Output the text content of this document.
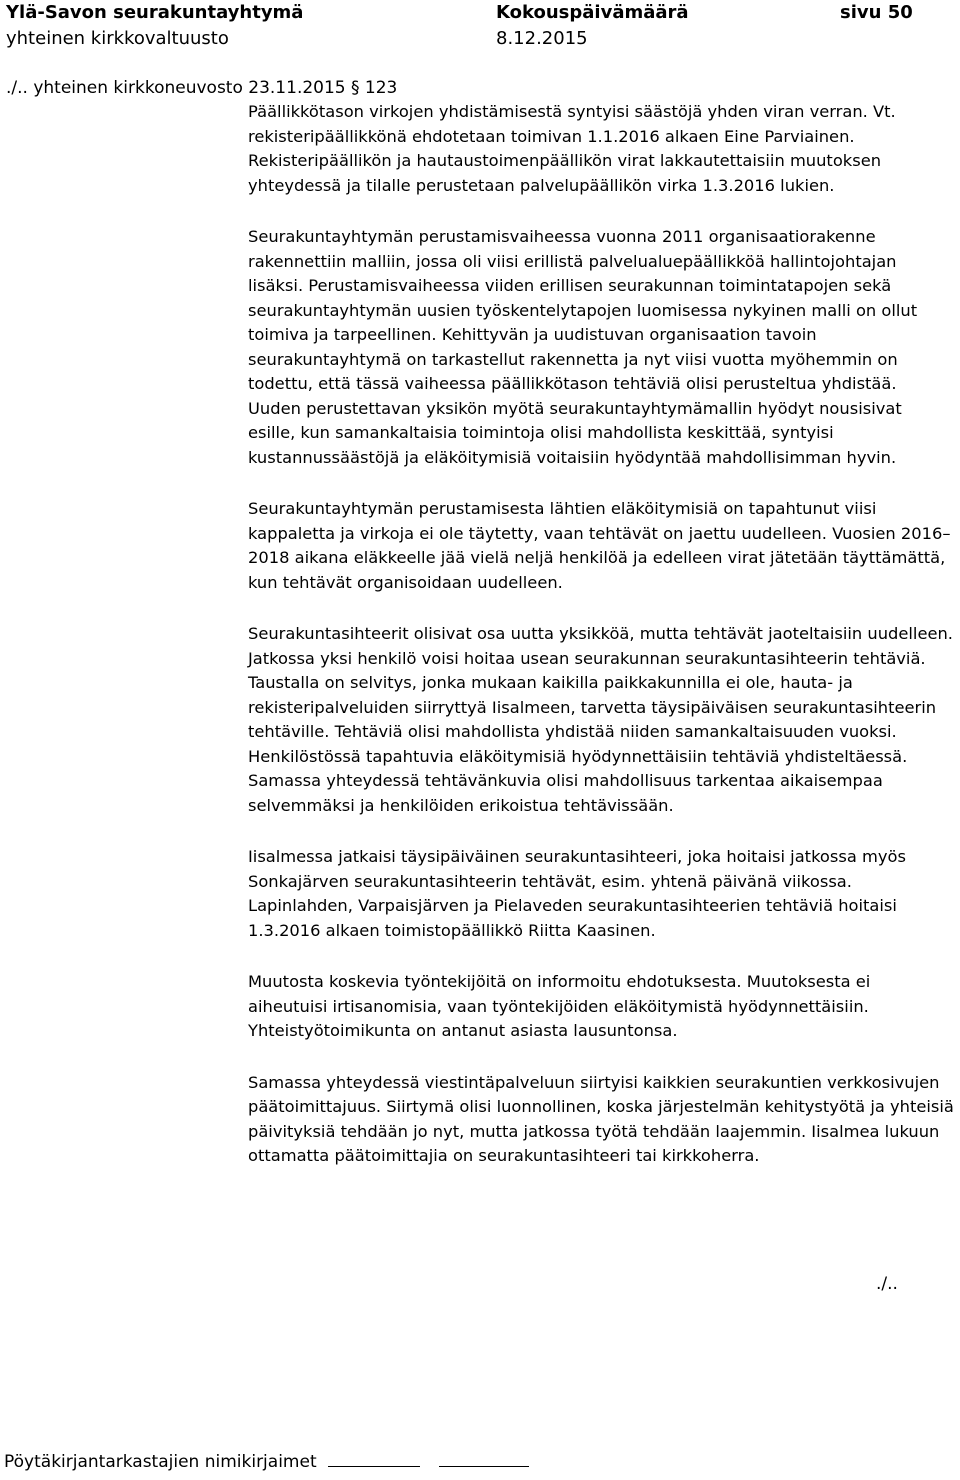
Ylä-Savon seurakuntayhtymä
yhteinen kirkkovaltuusto
Kokouspäivämäärä
8.12.2015
sivu 50
./.. yhteinen kirkkoneuvosto 23.11.2015 § 123

Päällikkötason virkojen yhdistämisestä syntyisi säästöjä yhden viran verran. Vt. rekisteripäällikkönä ehdotetaan toimivan 1.1.2016 alkaen Eine Parviainen. Rekisteripäällikön ja hautaustoimenpäällikön virat lakkautettaisiin muutoksen yhteydessä ja tilalle perustetaan palvelupäällikön virka 1.3.2016 lukien.

Seurakuntayhtymän perustamisvaiheessa vuonna 2011 organisaatiorakenne rakennettiin malliin, jossa oli viisi erillistä palvelualuepäällikköä hallintojohtajan lisäksi. Perustamisvaiheessa viiden erillisen seurakunnan toimintatapojen sekä seurakuntayhtymän uusien työskentelytapojen luomisessa nykyinen malli on ollut toimiva ja tarpeellinen. Kehittyvän ja uudistuvan organisaation tavoin seurakuntayhtymä on tarkastellut rakennetta ja nyt viisi vuotta myöhemmin on todettu, että tässä vaiheessa päällikkötason tehtäviä olisi perusteltua yhdistää. Uuden perustettavan yksikön myötä seurakuntayhtymämallin hyödyt nousisivat esille, kun samankaltaisia toimintoja olisi mahdollista keskittää, syntyisi kustannussäästöjä ja eläköitymisiä voitaisiin hyödyntää mahdollisimman hyvin.

Seurakuntayhtymän perustamisesta lähtien eläköitymisiä on tapahtunut viisi kappaletta ja virkoja ei ole täytetty, vaan tehtävät on jaettu uudelleen. Vuosien 2016–2018 aikana eläkkeelle jää vielä neljä henkilöä ja edelleen virat jätetään täyttämättä, kun tehtävät organisoidaan uudelleen.

Seurakuntasihteerit olisivat osa uutta yksikköä, mutta tehtävät jaoteltaisiin uudelleen. Jatkossa yksi henkilö voisi hoitaa usean seurakunnan seurakuntasihteerin tehtäviä. Taustalla on selvitys, jonka mukaan kaikilla paikkakunnilla ei ole, hauta- ja rekisteripalveluiden siirryttyä Iisalmeen, tarvetta täysipäiväisen seurakuntasihteerin tehtäville. Tehtäviä olisi mahdollista yhdistää niiden samankaltaisuuden vuoksi. Henkilöstössä tapahtuvia eläköitymisiä hyödynnettäisiin tehtäviä yhdisteltäessä. Samassa yhteydessä tehtävänkuvia olisi mahdollisuus tarkentaa aikaisempaa selvemmäksi ja henkilöiden erikoistua tehtävissään.

Iisalmessa jatkaisi täysipäiväinen seurakuntasihteeri, joka hoitaisi jatkossa myös Sonkajärven seurakuntasihteerin tehtävät, esim. yhtenä päivänä viikossa. Lapinlahden, Varpaisjärven ja Pielaveden seurakuntasihteerien tehtäviä hoitaisi 1.3.2016 alkaen toimistopäällikkö Riitta Kaasinen.

Muutosta koskevia työntekijöitä on informoitu ehdotuksesta. Muutoksesta ei aiheutuisi irtisanomisia, vaan työntekijöiden eläköitymistä hyödynnettäisiin. Yhteistyötoimikunta on antanut asiasta lausuntonsa.

Samassa yhteydessä viestintäpalveluun siirtyisi kaikkien seurakuntien verkkosivujen päätoimittajuus. Siirtymä olisi luonnollinen, koska järjestelmän kehitystyötä ja yhteisiä päivityksiä tehdään jo nyt, mutta jatkossa työtä tehdään laajemmin. Iisalmea lukuun ottamatta päätoimittajia on seurakuntasihteeri tai kirkkoherra.

./..
Pöytäkirjantarkastajien nimikirjaimet
